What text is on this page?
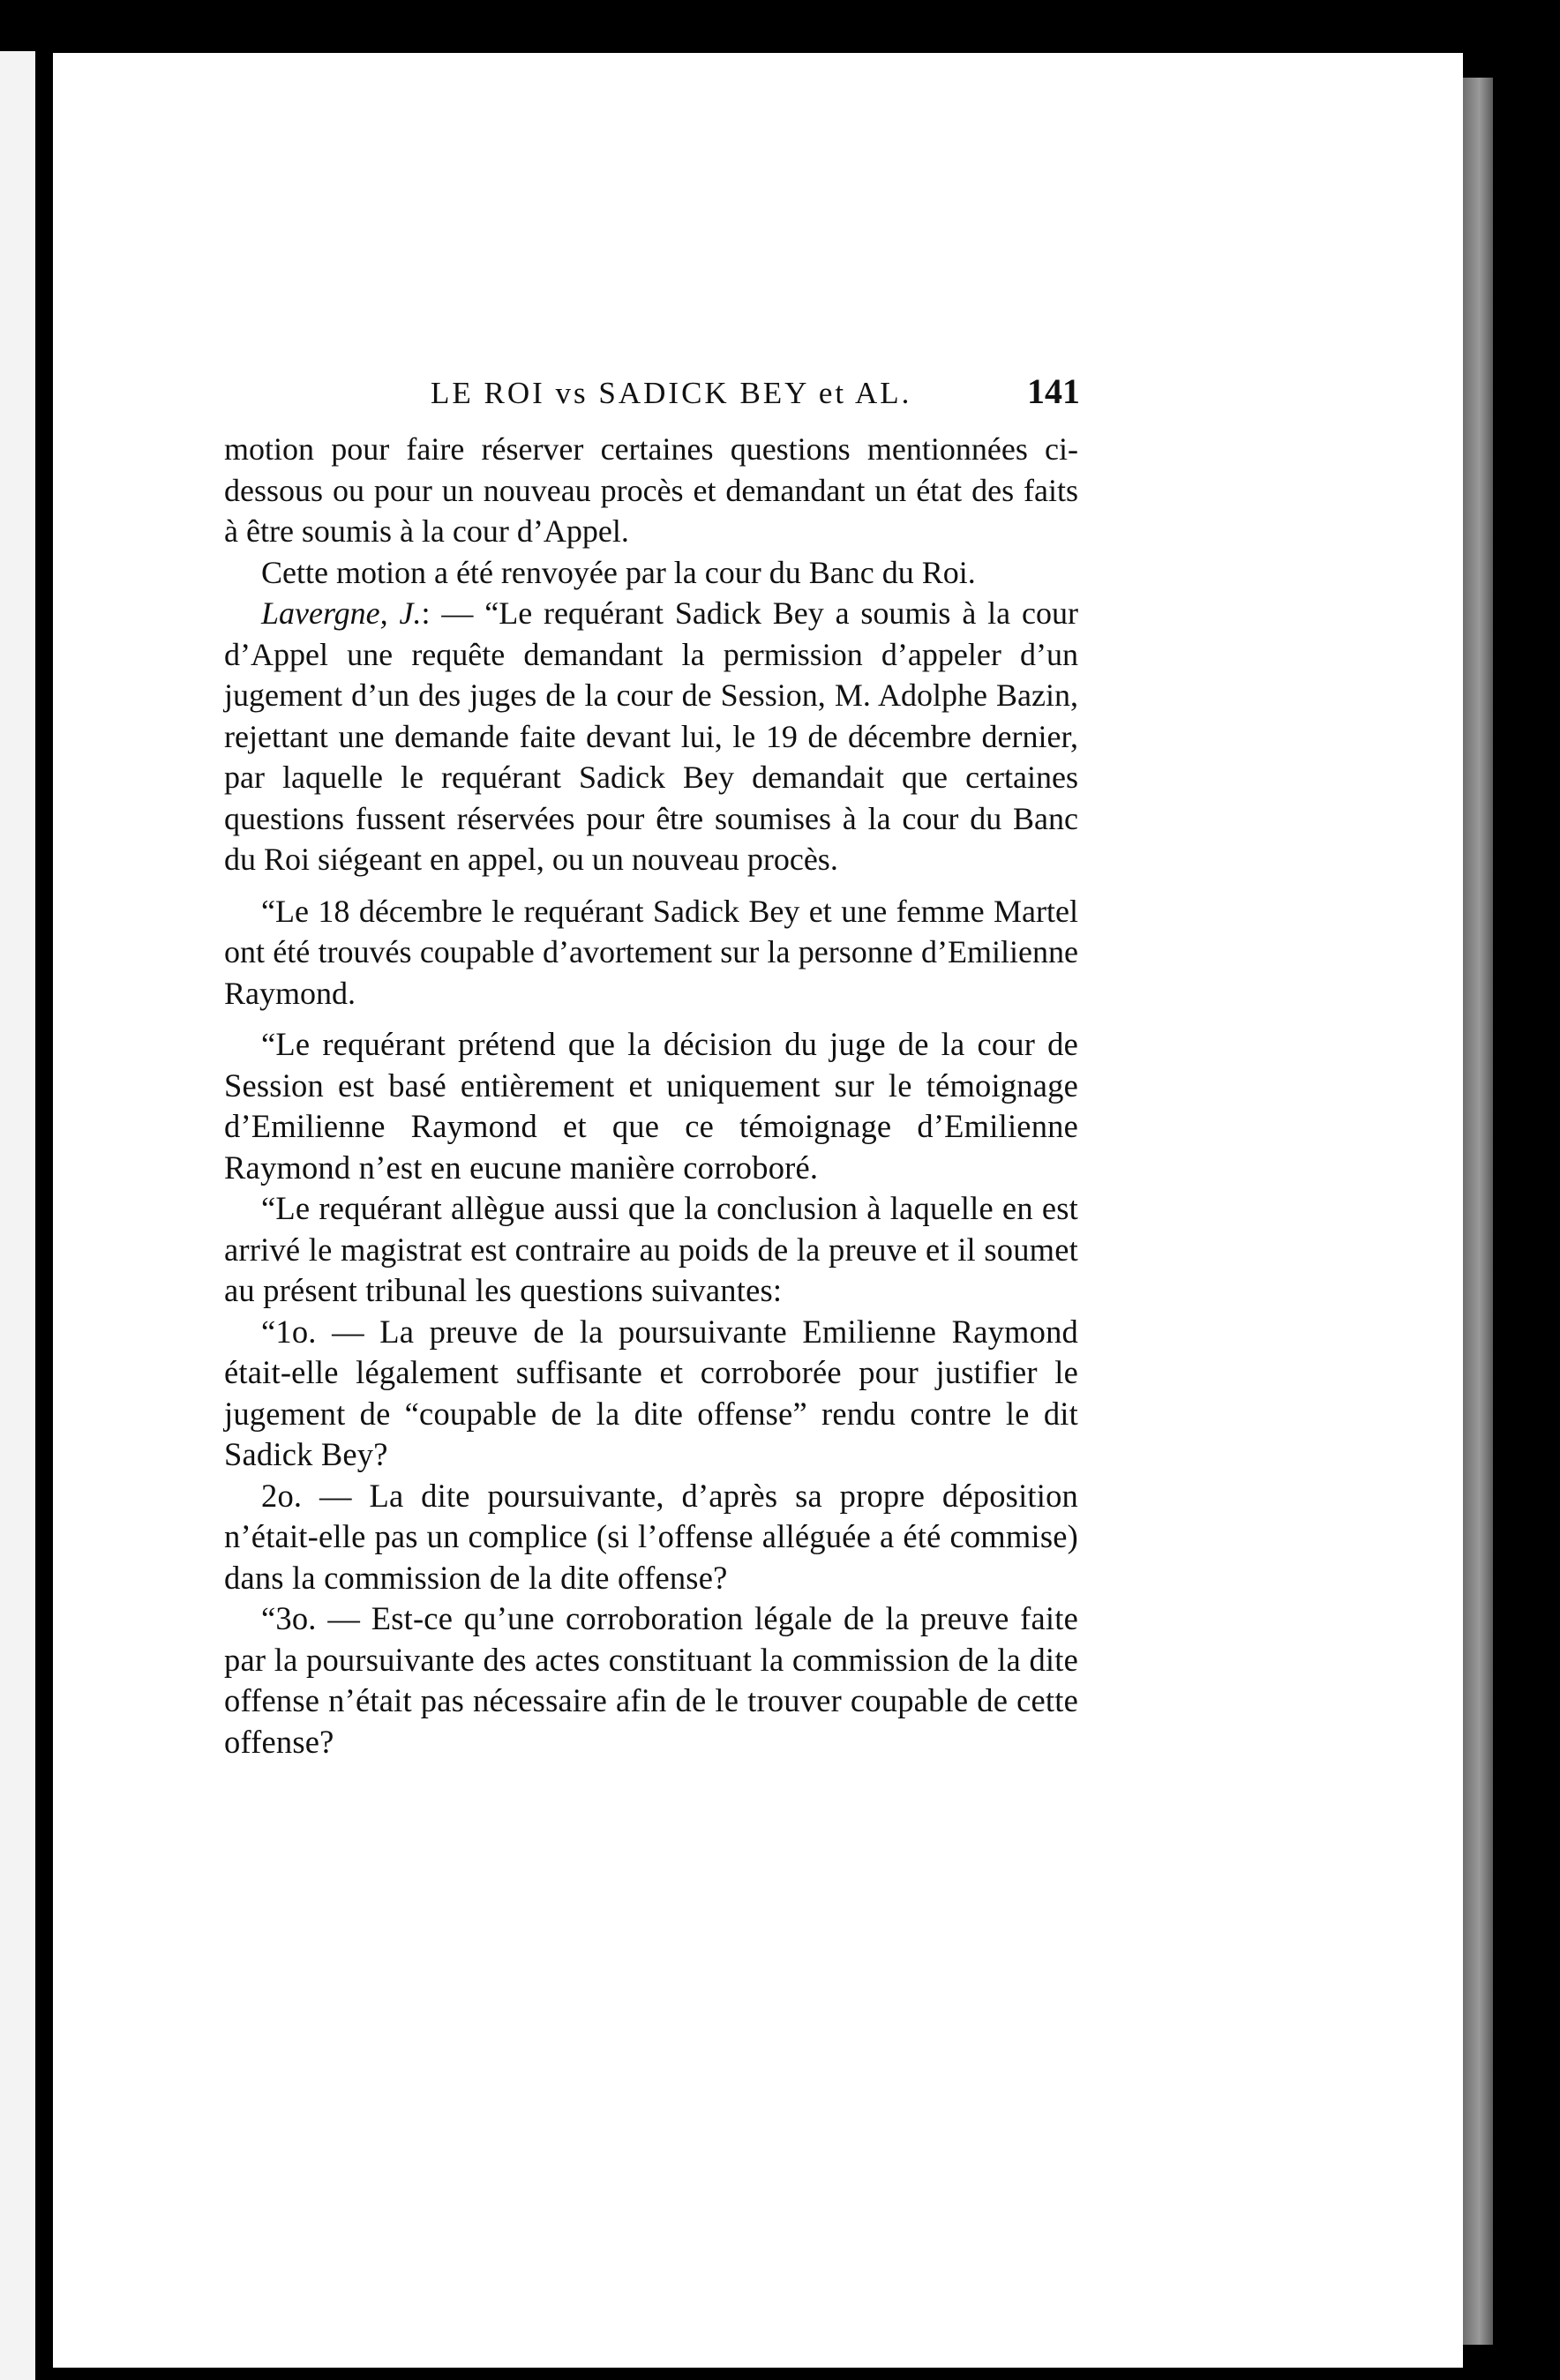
LE ROI vs SADICK BEY et AL.	141

motion pour faire réserver certaines questions mentionnées ci-dessous ou pour un nouveau procès et demandant un état des faits à être soumis à la cour d’Appel.

Cette motion a été renvoyée par la cour du Banc du Roi.

Lavergne, J.: — “Le requérant Sadick Bey a soumis à la cour d’Appel une requête demandant la permission d’appeler d’un jugement d’un des juges de la cour de Session, M. Adolphe Bazin, rejettant une demande faite devant lui, le 19 de décembre dernier, par laquelle le requérant Sadick Bey demandait que certaines questions fussent réservées pour être soumises à la cour du Banc du Roi siégeant en appel, ou un nouveau procès.

“Le 18 décembre le requérant Sadick Bey et une femme Martel ont été trouvés coupable d’avortement sur la personne d’Emilienne Raymond.

“Le requérant prétend que la décision du juge de la cour de Session est basé entièrement et uniquement sur le témoignage d’Emilienne Raymond et que ce témoignage d’Emilienne Raymond n’est en eucune manière corroboré.

“Le requérant allègue aussi que la conclusion à laquelle en est arrivé le magistrat est contraire au poids de la preuve et il soumet au présent tribunal les questions suivantes:

“1o. — La preuve de la poursuivante Emilienne Raymond était-elle légalement suffisante et corroborée pour justifier le jugement de “coupable de la dite offense” rendu contre le dit Sadick Bey?

2o. — La dite poursuivante, d’après sa propre déposition n’était-elle pas un complice (si l’offense alléguée a été commise) dans la commission de la dite offense?

“3o. — Est-ce qu’une corroboration légale de la preuve faite par la poursuivante des actes constituant la commission de la dite offense n’était pas nécessaire afin de le trouver coupable de cette offense?
